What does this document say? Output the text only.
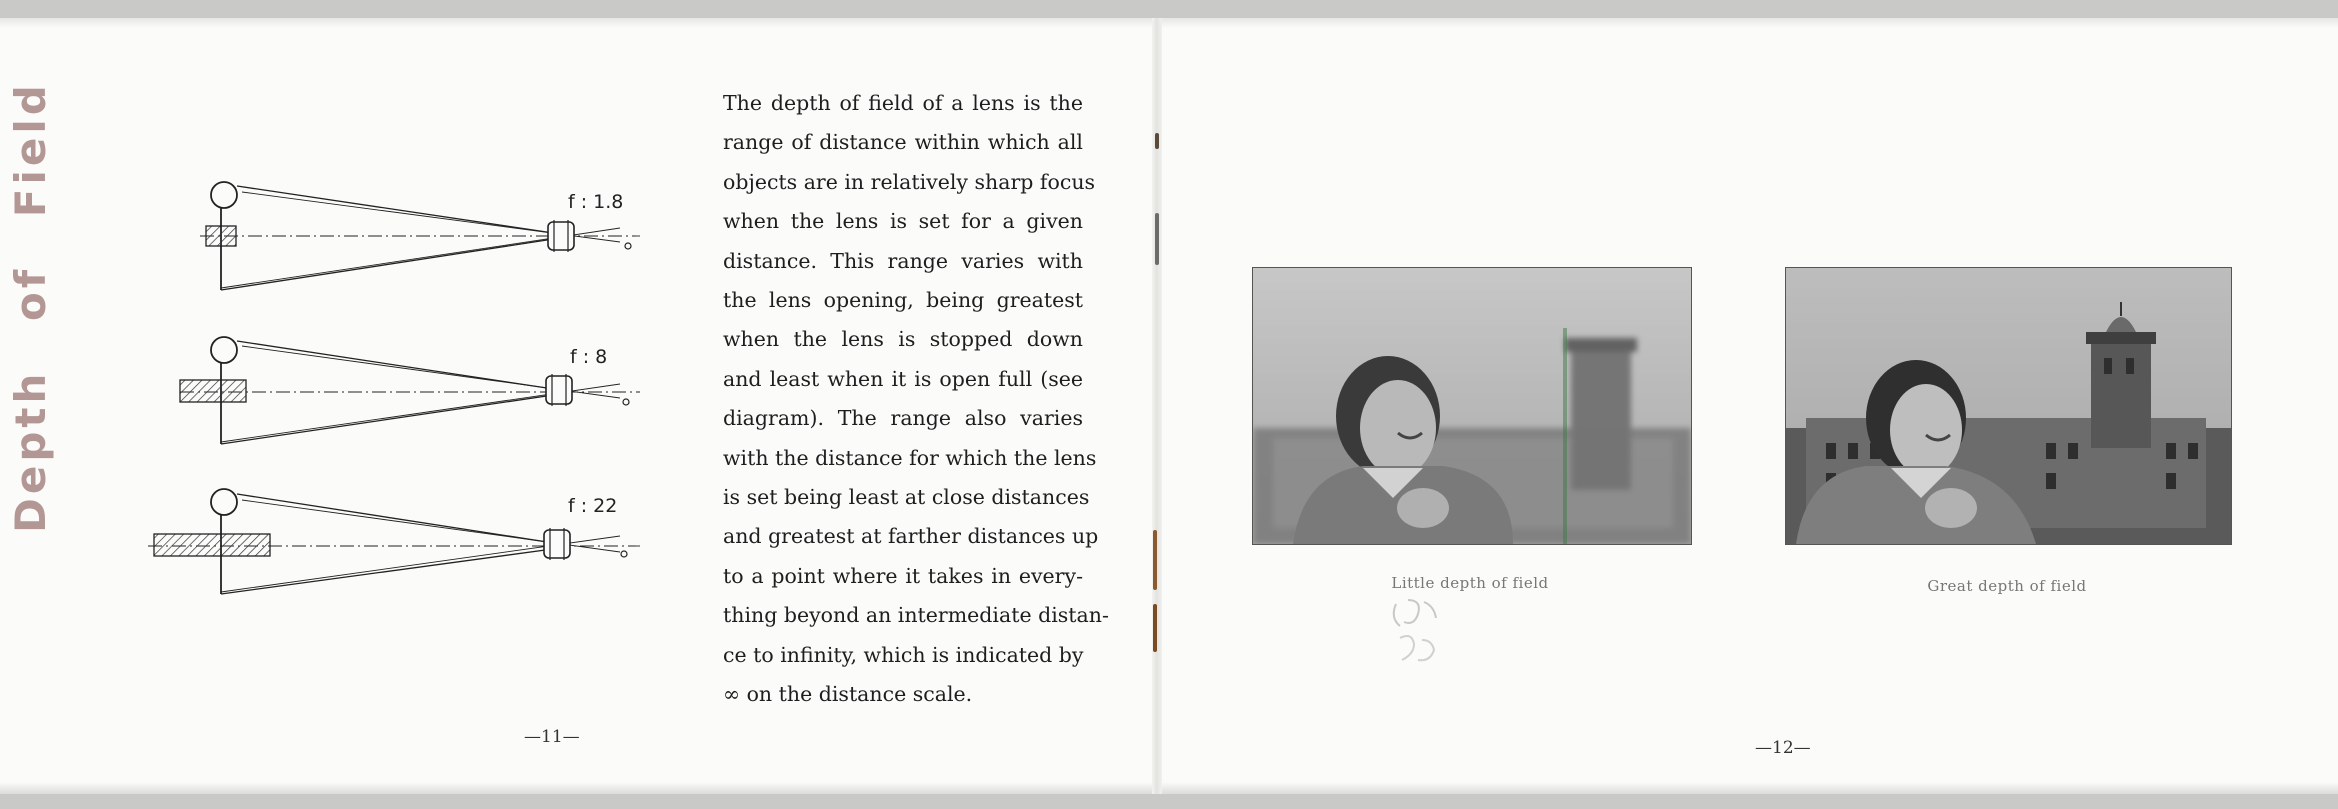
Depth of Field	f : 1.8
f : 8
f : 22
The depth of field of a lens is the
range of distance within which all
objects are in relatively sharp focus
when the lens is set for a given
distance. This range varies with
the lens opening, being greatest
when the lens is stopped down
and least when it is open full (see
diagram). The range also varies
with the distance for which the lens
is set being least at close distances
and greatest at farther distances up
to a point where it takes in every-
thing beyond an intermediate distan-
ce to infinity, which is indicated by
∞ on the distance scale.
—11—
Little depth of field	Great depth of field
—12—
